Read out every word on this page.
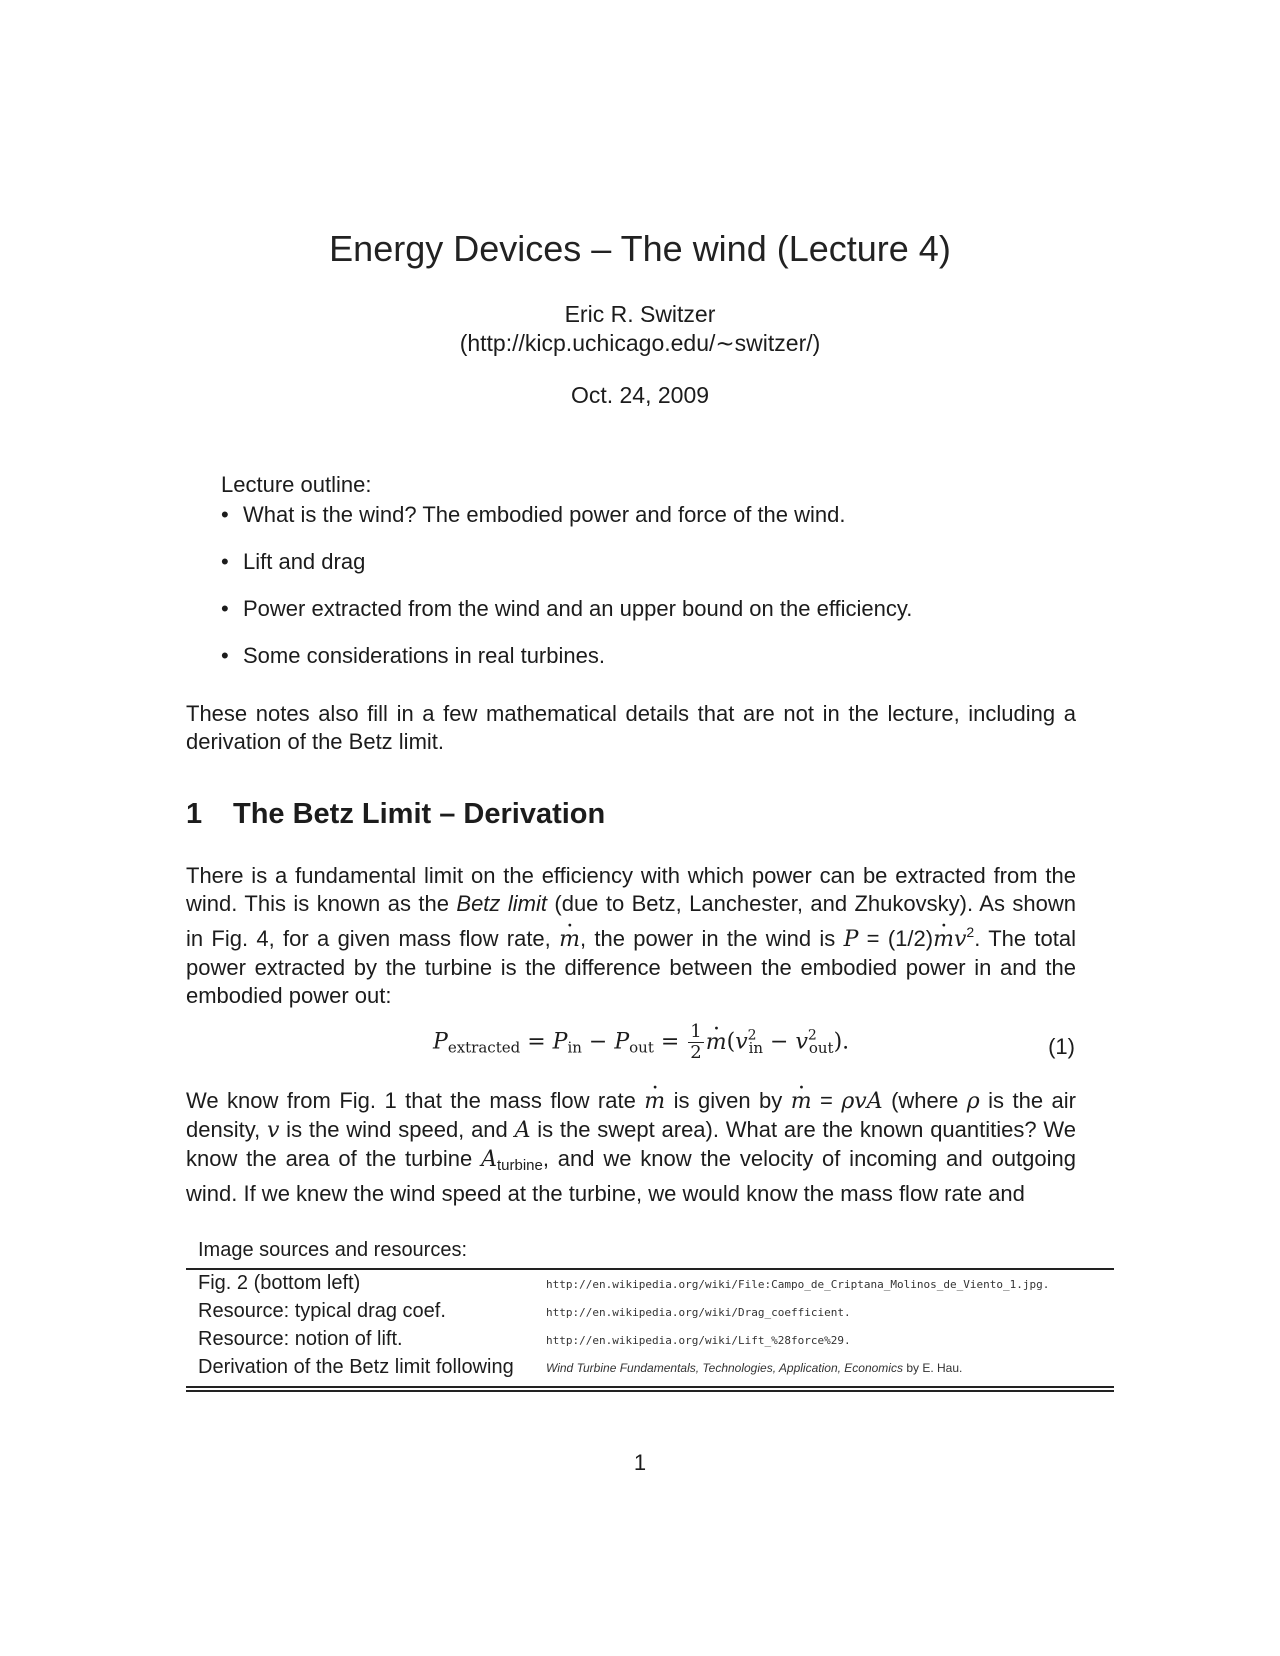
Energy Devices – The wind (Lecture 4)
Eric R. Switzer
(http://kicp.uchicago.edu/∼switzer/)
Oct. 24, 2009
Lecture outline:
• What is the wind? The embodied power and force of the wind.
• Lift and drag
• Power extracted from the wind and an upper bound on the efficiency.
• Some considerations in real turbines.
These notes also fill in a few mathematical details that are not in the lecture, including a derivation of the Betz limit.
1 The Betz Limit – Derivation
There is a fundamental limit on the efficiency with which power can be extracted from the wind. This is known as the Betz limit (due to Betz, Lanchester, and Zhukovsky). As shown in Fig. 4, for a given mass flow rate, m ·, the power in the wind is $P = (1/2)m \cdot v^2$. The total power extracted by the turbine is the difference between the embodied power in and the embodied power out:
$P_{extracted} = P_{in} - P_{out} = \frac{1}{2}$ $m \cdot(v^2_{in} - v^2_{out})$.	(1)
We know from Fig. 1 that the mass flow rate m · is given by m · = ρvA (where ρ is the air density, v is the wind speed, and A is the swept area). What are the known quantities? We know the area of the turbine $A_{turbine}$, and we know the velocity of incoming and outgoing wind. If we knew the wind speed at the turbine, we would know the mass flow rate and
Image sources and resources:
Fig. 2 (bottom left)	http://en.wikipedia.org/wiki/File:Campo_de_Criptana_Molinos_de_Viento_1.jpg.
Resource: typical drag coef.	http://en.wikipedia.org/wiki/Drag_coefficient.
Resource: notion of lift.	http://en.wikipedia.org/wiki/Lift_%28force%29.
Derivation of the Betz limit following	Wind Turbine Fundamentals, Technologies, Application, Economics by E. Hau.
1
